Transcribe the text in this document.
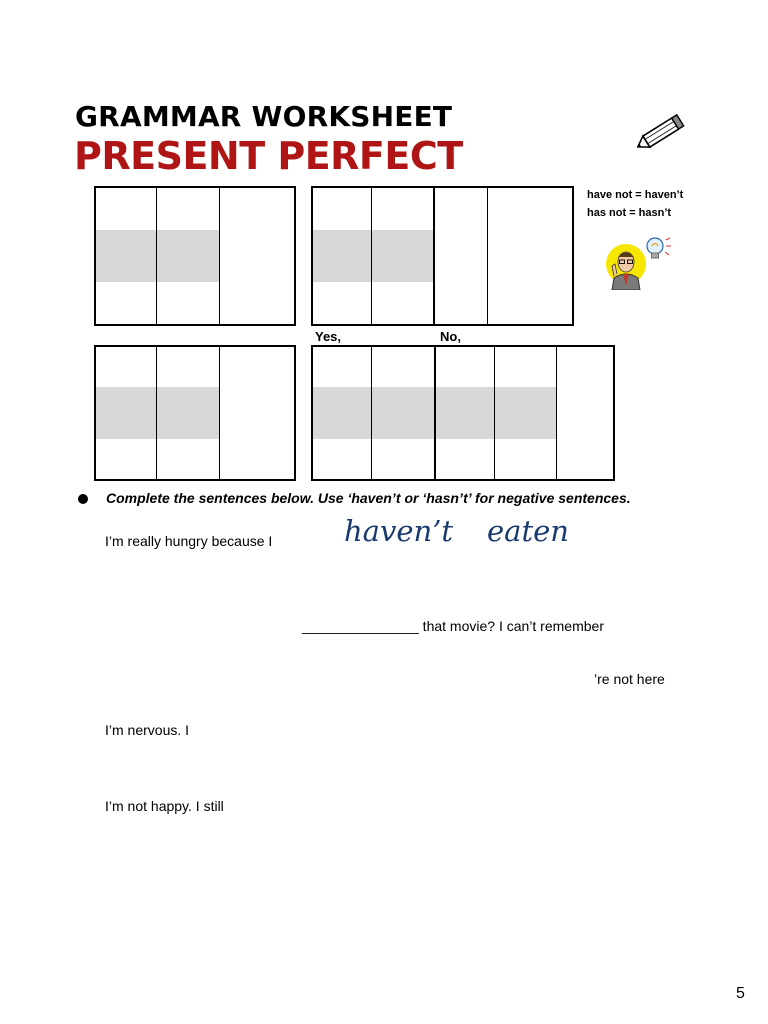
GRAMMAR WORKSHEET
PRESENT PERFECT
have not = haven’t
has not = hasn’t
Yes,	No,
Complete the sentences below. Use ‘haven’t or ‘hasn’t’ for negative sentences.
I’m really hungry because I haven’t eaten
_______________ that movie? I can’t remember
’re not here
I’m nervous. I
I’m not happy. I still
5
